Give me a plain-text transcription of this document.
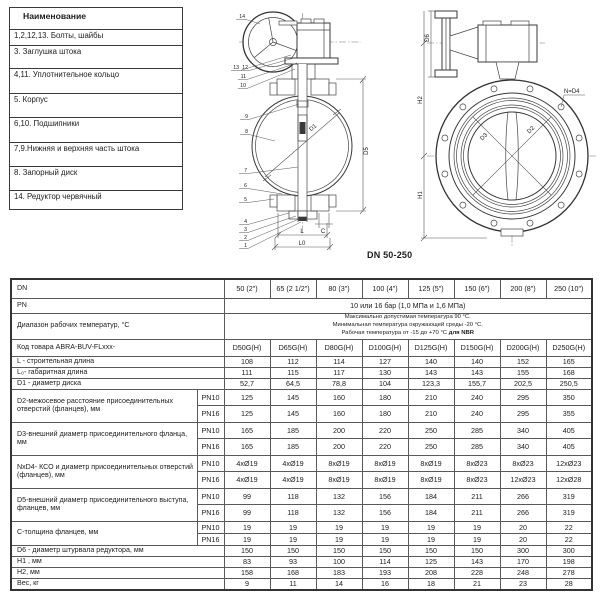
Наименование
1,2,12,13. Болты, шайбы
3. Заглушка штока
4,11. Уплотнительное кольцо
5. Корпус
6,10. Подшипники
7,9.Нижняя и верхняя часть штока
8. Запорный диск
14. Редуктор червячный
D1
D5
C
L
L0
14
13 12
11
10
9
8
7
6
5
4
3
2
1
H2
H1
D6
D3
D2
N=D4
DN 50-250
DN		50 (2")	65 (2 1/2")	80 (3")	100 (4")	125 (5")	150 (6")	200 (8")	250 (10")
PN		10 или 16 бар (1,0 МПа и 1,6 МПа)							
Диапазон рабочих температур, °C		Максимально допустимая температура 90 °C.
Минимальная температура окружающей среды -20 °C.
Рабочая температура от -15 до +70 °C для NBR							

Код товара ABRA-BUV-FLxxx-		D50G(H)	D65G(H)	D80G(H)	D100G(H)	D125G(H)	D150G(H)	D200G(H)	D250G(H)
L - строительная длина		108	112	114	127	140	140	152	165
L₀- габаритная длина		111	115	117	130	143	143	155	168
D1 - диаметр диска		52,7	64,5	78,8	104	123,3	155,7	202,5	250,5
D2-межосевое расстояние присоединительных отверстий (фланцев), мм	PN10	125	145	160	180	210	240	295	350
	PN16	125	145	160	180	210	240	295	355
D3-внешний диаметр присоединительного фланца, мм	PN10	165	185	200	220	250	285	340	405
	PN16	165	185	200	220	250	285	340	405
NxD4- КСО и диаметр присоединительных отверстий (фланцев), мм	PN10	4xØ19	4xØ19	8xØ19	8xØ19	8xØ19	8xØ23	8xØ23	12xØ23
	PN16	4xØ19	4xØ19	8xØ19	8xØ19	8xØ19	8xØ23	12xØ23	12xØ28
D5-внешний диаметр присоединительного выступа, фланцев, мм	PN10	99	118	132	156	184	211	266	319
	PN16	99	118	132	156	184	211	266	319
C-толщина фланцев, мм	PN10	19	19	19	19	19	19	20	22
	PN16	19	19	19	19	19	19	20	22
D6 - диаметр штурвала редуктора, мм		150	150	150	150	150	150	300	300
H1 , мм		83	93	100	114	125	143	170	198
H2, мм		158	168	183	193	208	228	248	278
Вес, кг		9	11	14	16	18	21	23	28
